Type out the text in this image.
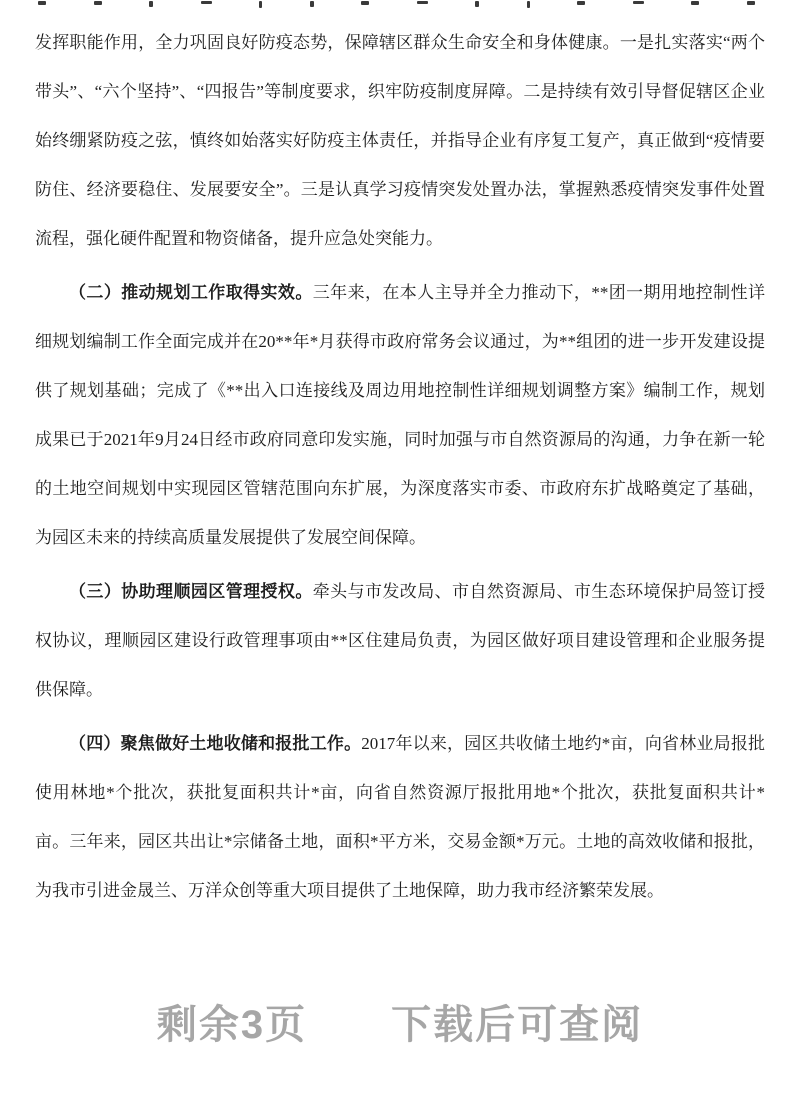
发挥职能作用，全力巩固良好防疫态势，保障辖区群众生命安全和身体健康。一是扎实落实“两个带头”、“六个坚持”、“四报告”等制度要求，织牢防疫制度屏障。二是持续有效引导督促辖区企业始终绷紧防疫之弦，慎终如始落实好防疫主体责任，并指导企业有序复工复产，真正做到“疫情要防住、经济要稳住、发展要安全”。三是认真学习疫情突发处置办法，掌握熟悉疫情突发事件处置流程，强化硬件配置和物资储备，提升应急处突能力。

（二）推动规划工作取得实效。三年来，在本人主导并全力推动下，**团一期用地控制性详细规划编制工作全面完成并在20**年*月获得市政府常务会议通过，为**组团的进一步开发建设提供了规划基础；完成了《**出入口连接线及周边用地控制性详细规划调整方案》编制工作，规划成果已于2021年9月24日经市政府同意印发实施，同时加强与市自然资源局的沟通，力争在新一轮的土地空间规划中实现园区管辖范围向东扩展，为深度落实市委、市政府东扩战略奠定了基础，为园区未来的持续高质量发展提供了发展空间保障。

（三）协助理顺园区管理授权。牵头与市发改局、市自然资源局、市生态环境保护局签订授权协议，理顺园区建设行政管理事项由**区住建局负责，为园区做好项目建设管理和企业服务提供保障。

（四）聚焦做好土地收储和报批工作。2017年以来，园区共收储土地约*亩，向省林业局报批使用林地*个批次，获批复面积共计*亩，向省自然资源厅报批用地*个批次，获批复面积共计*亩。三年来，园区共出让*宗储备土地，面积*平方米，交易金额*万元。土地的高效收储和报批，为我市引进金晟兰、万洋众创等重大项目提供了土地保障，助力我市经济繁荣发展。

剩余3页　　下载后可查阅
